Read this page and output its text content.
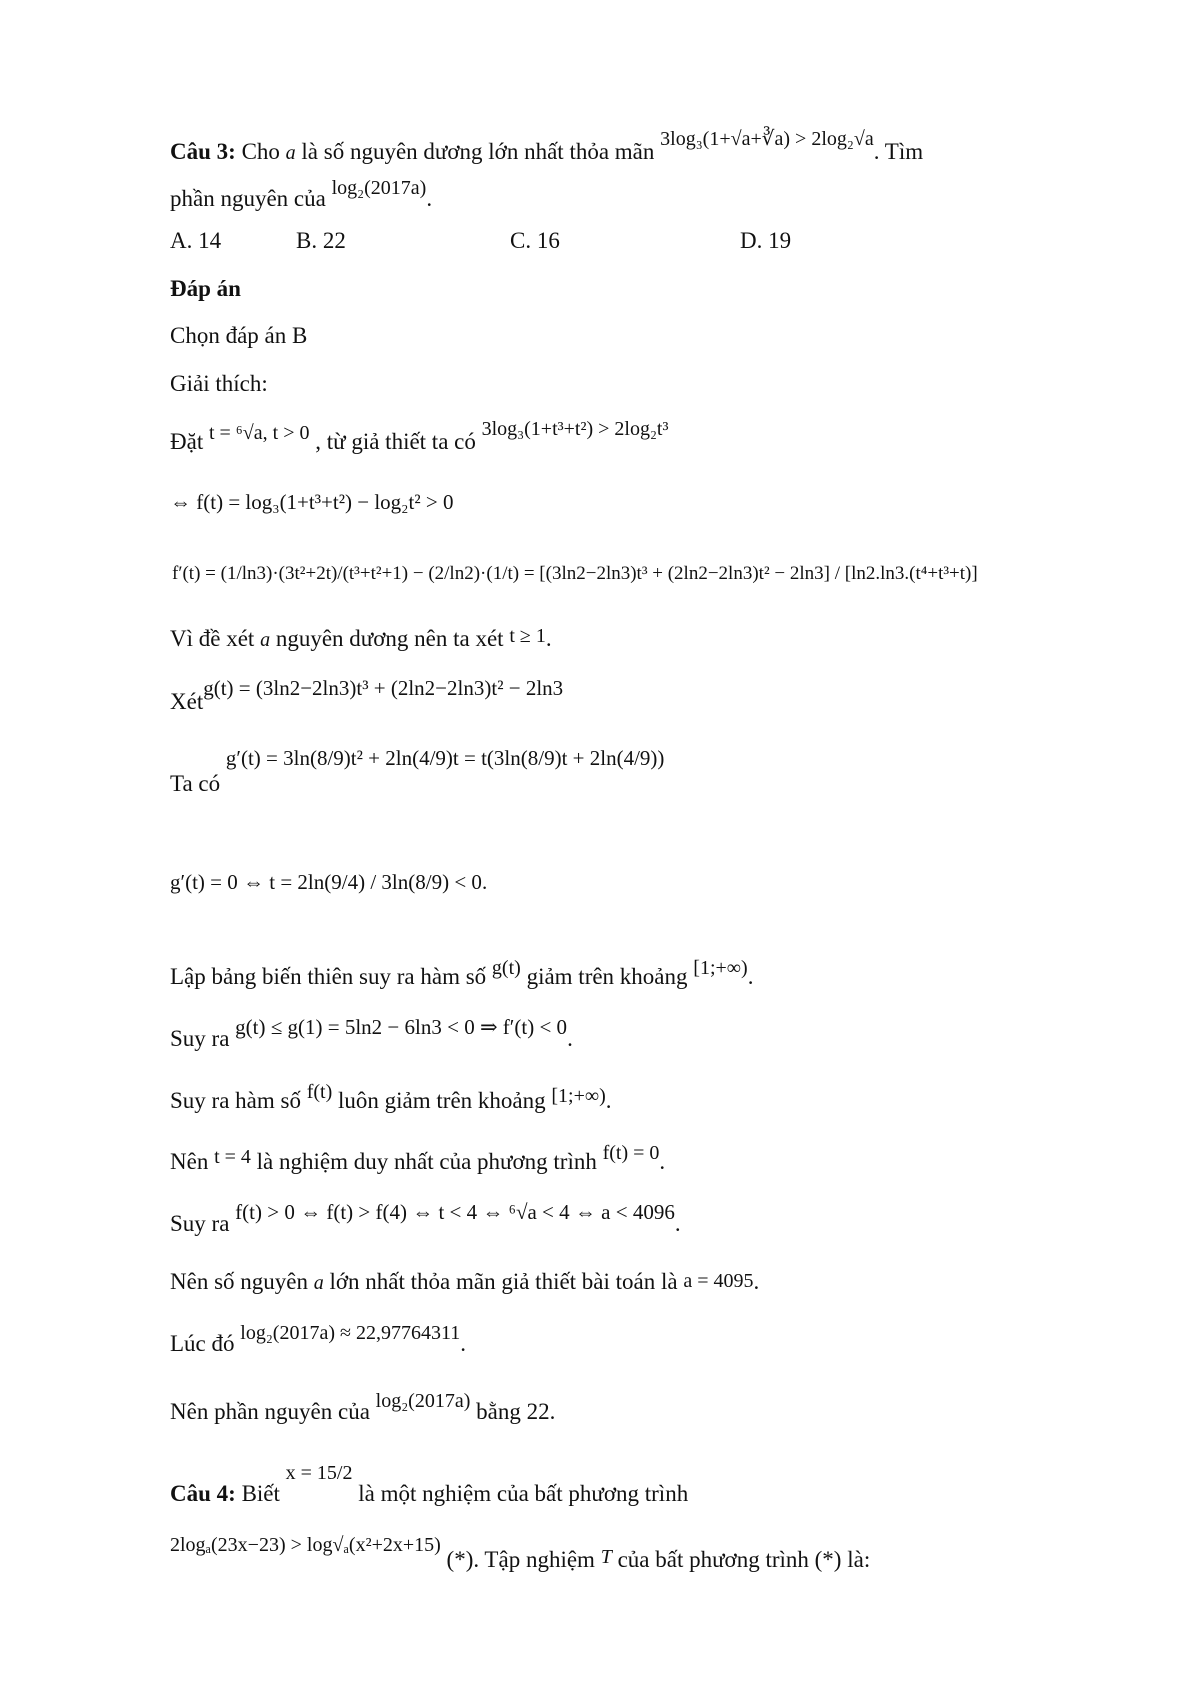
Câu 3: Cho a là số nguyên dương lớn nhất thỏa mãn 3log₃(1+√a+∛a) > 2log₂√a. Tìm
phần nguyên của log₂(2017a).
A. 14	B. 22	C. 16	D. 19
Đáp án
Chọn đáp án B
Giải thích:
Đặt t = ⁶√a, t > 0 , từ giả thiết ta có 3log₃(1+t³+t²) > 2log₂t³
⇔ f(t) = log₃(1+t³+t²) − log₂t² > 0
f′(t) = (1/ln3)·(3t²+2t)/(t³+t²+1) − (2/ln2)·(1/t) = [(3ln2−2ln3)t³ + (2ln2−2ln3)t² − 2ln3] / [ln2.ln3.(t⁴+t³+t)]
Vì đề xét a nguyên dương nên ta xét t ≥ 1.
Xétg(t) = (3ln2−2ln3)t³ + (2ln2−2ln3)t² − 2ln3
Ta có g′(t) = 3ln(8/9)t² + 2ln(4/9)t = t(3ln(8/9)t + 2ln(4/9))
g′(t) = 0 ⇔ t = 2ln(9/4) / 3ln(8/9) < 0.
Lập bảng biến thiên suy ra hàm số g(t) giảm trên khoảng [1;+∞).
Suy ra g(t) ≤ g(1) = 5ln2 − 6ln3 < 0 ⇒ f′(t) < 0.
Suy ra hàm số f(t) luôn giảm trên khoảng [1;+∞).
Nên t = 4 là nghiệm duy nhất của phương trình f(t) = 0.
Suy ra f(t) > 0 ⇔ f(t) > f(4) ⇔ t < 4 ⇔ ⁶√a < 4 ⇔ a < 4096.
Nên số nguyên a lớn nhất thỏa mãn giả thiết bài toán là a = 4095.
Lúc đó log₂(2017a) ≈ 22,97764311.
Nên phần nguyên của log₂(2017a) bằng 22.
Câu 4: Biết x = 15/2 là một nghiệm của bất phương trình
2logₐ(23x−23) > log√ₐ(x²+2x+15) (*). Tập nghiệm T của bất phương trình (*) là:
